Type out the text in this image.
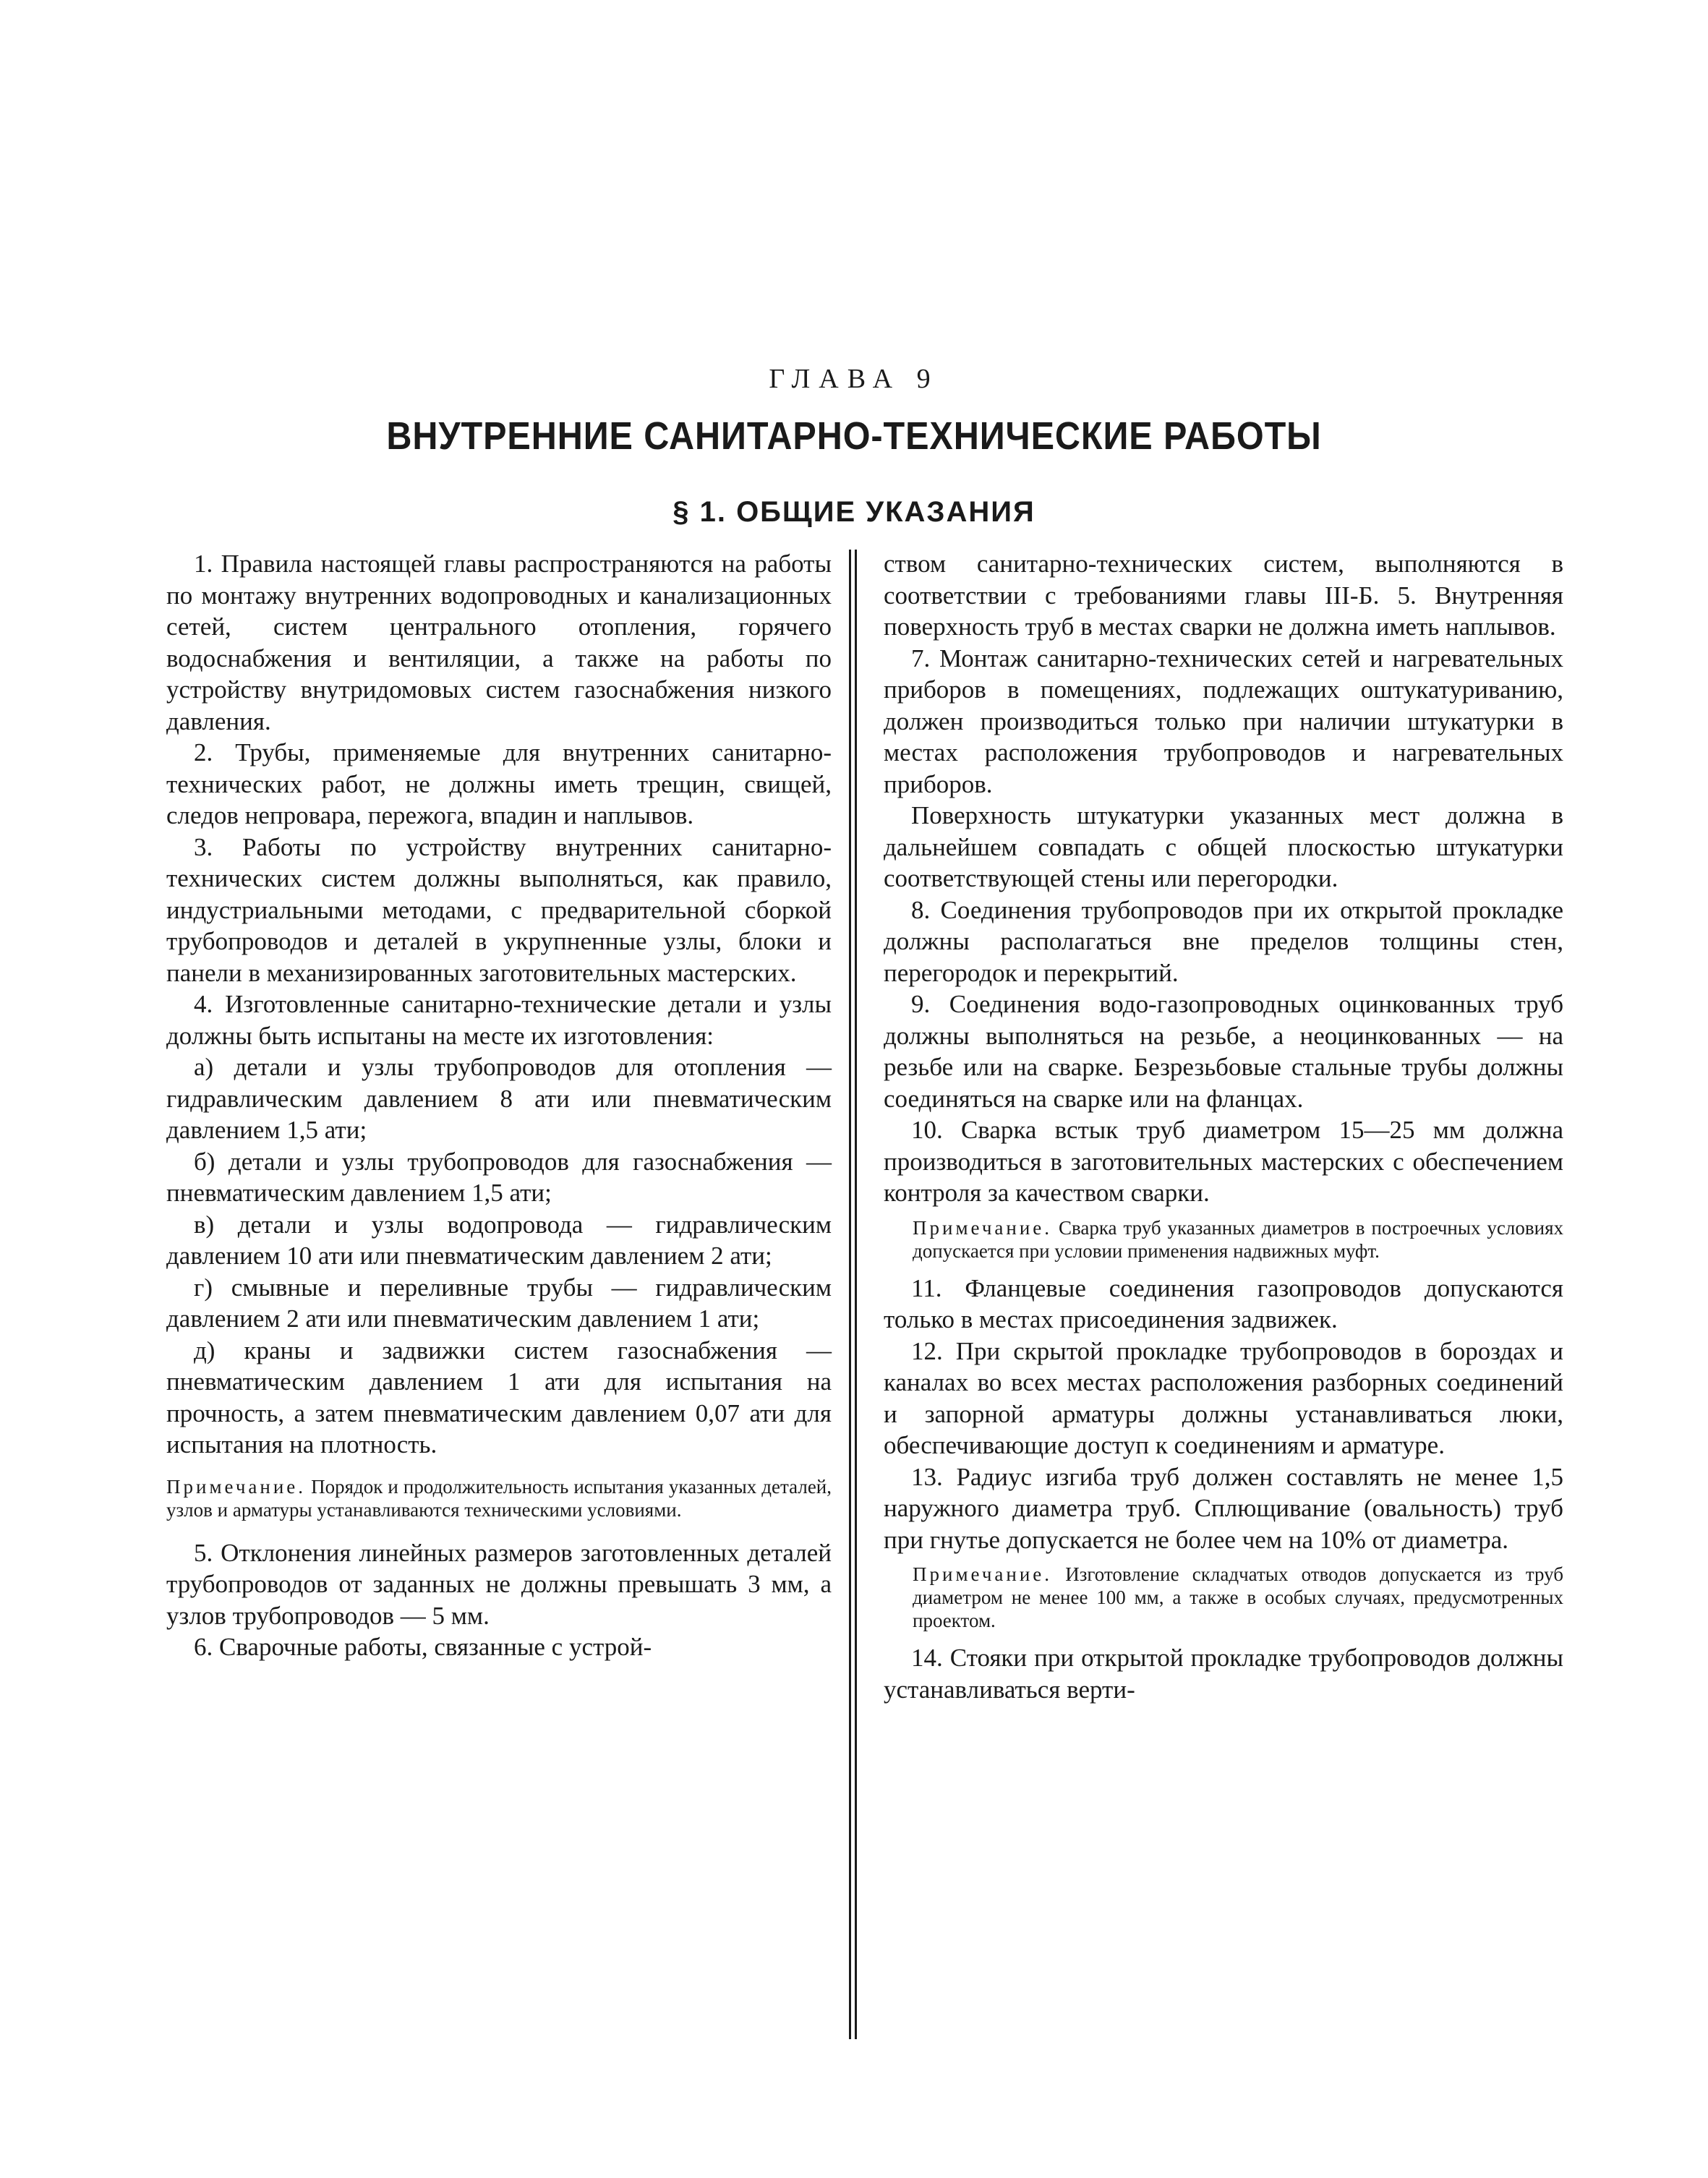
ГЛАВА 9
ВНУТРЕННИЕ САНИТАРНО-ТЕХНИЧЕСКИЕ РАБОТЫ
§ 1. ОБЩИЕ УКАЗАНИЯ

1. Правила настоящей главы распространяются на работы по монтажу внутренних водопроводных и канализационных сетей, систем центрального отопления, горячего водоснабжения и вентиляции, а также на работы по устройству внутридомовых систем газоснабжения низкого давления.

2. Трубы, применяемые для внутренних санитарно-технических работ, не должны иметь трещин, свищей, следов непровара, пережога, впадин и наплывов.

3. Работы по устройству внутренних санитарно-технических систем должны выполняться, как правило, индустриальными методами, с предварительной сборкой трубопроводов и деталей в укрупненные узлы, блоки и панели в механизированных заготовительных мастерских.

4. Изготовленные санитарно-технические детали и узлы должны быть испытаны на месте их изготовления:

а) детали и узлы трубопроводов для отопления — гидравлическим давлением 8 ати или пневматическим давлением 1,5 ати;

б) детали и узлы трубопроводов для газоснабжения — пневматическим давлением 1,5 ати;

в) детали и узлы водопровода — гидравлическим давлением 10 ати или пневматическим давлением 2 ати;

г) смывные и переливные трубы — гидравлическим давлением 2 ати или пневматическим давлением 1 ати;

д) краны и задвижки систем газоснабжения — пневматическим давлением 1 ати для испытания на прочность, а затем пневматическим давлением 0,07 ати для испытания на плотность.

Примечание. Порядок и продолжительность испытания указанных деталей, узлов и арматуры устанавливаются техническими условиями.

5. Отклонения линейных размеров заготовленных деталей трубопроводов от заданных не должны превышать 3 мм, а узлов трубопроводов — 5 мм.

6. Сварочные работы, связанные с устрой-

ством санитарно-технических систем, выполняются в соответствии с требованиями главы III-Б. 5. Внутренняя поверхность труб в местах сварки не должна иметь наплывов.

7. Монтаж санитарно-технических сетей и нагревательных приборов в помещениях, подлежащих оштукатуриванию, должен производиться только при наличии штукатурки в местах расположения трубопроводов и нагревательных приборов.

Поверхность штукатурки указанных мест должна в дальнейшем совпадать с общей плоскостью штукатурки соответствующей стены или перегородки.

8. Соединения трубопроводов при их открытой прокладке должны располагаться вне пределов толщины стен, перегородок и перекрытий.

9. Соединения водо-газопроводных оцинкованных труб должны выполняться на резьбе, а неоцинкованных — на резьбе или на сварке. Безрезьбовые стальные трубы должны соединяться на сварке или на фланцах.

10. Сварка встык труб диаметром 15—25 мм должна производиться в заготовительных мастерских с обеспечением контроля за качеством сварки.

Примечание. Сварка труб указанных диаметров в построечных условиях допускается при условии применения надвижных муфт.

11. Фланцевые соединения газопроводов допускаются только в местах присоединения задвижек.

12. При скрытой прокладке трубопроводов в бороздах и каналах во всех местах расположения разборных соединений и запорной арматуры должны устанавливаться люки, обеспечивающие доступ к соединениям и арматуре.

13. Радиус изгиба труб должен составлять не менее 1,5 наружного диаметра труб. Сплющивание (овальность) труб при гнутье допускается не более чем на 10% от диаметра.

Примечание. Изготовление складчатых отводов допускается из труб диаметром не менее 100 мм, а также в особых случаях, предусмотренных проектом.

14. Стояки при открытой прокладке трубопроводов должны устанавливаться верти-
